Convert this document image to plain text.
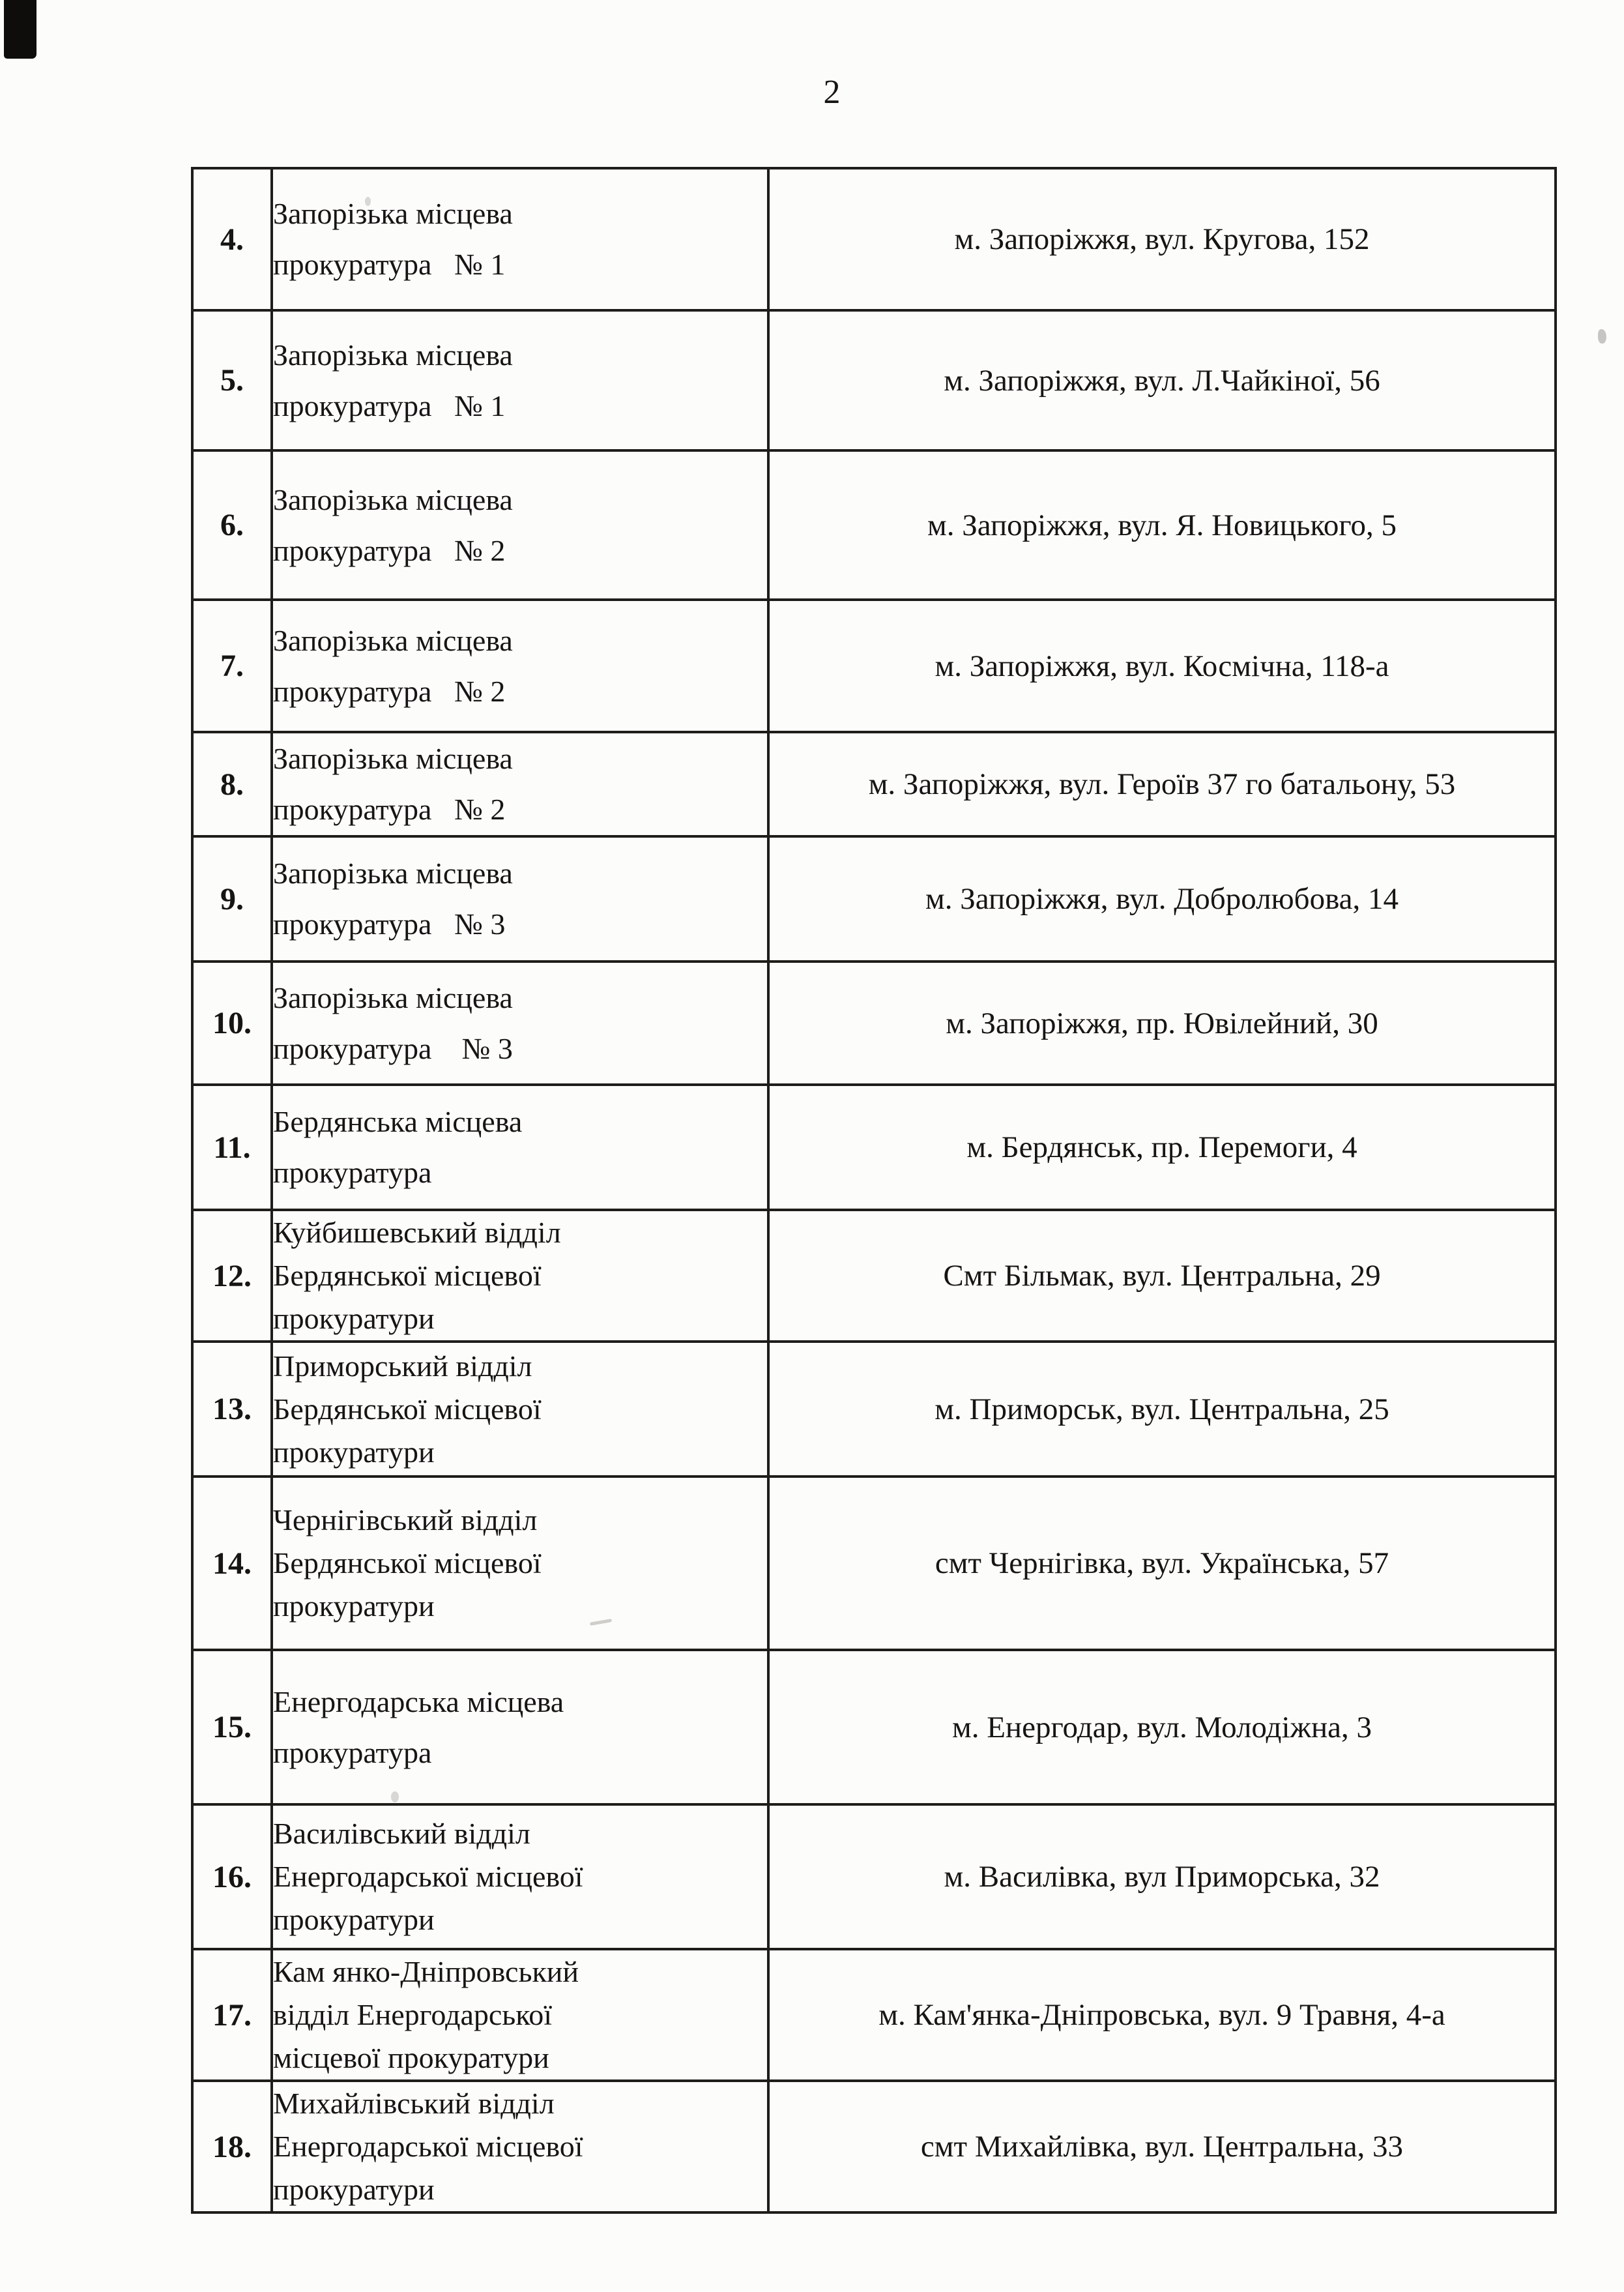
2
4.	Запорізька місцева
прокуратура   № 1	м. Запоріжжя, вул. Кругова, 152
5.	Запорізька місцева
прокуратура   № 1	м. Запоріжжя, вул. Л.Чайкіної, 56
6.	Запорізька місцева
прокуратура   № 2	м. Запоріжжя, вул. Я. Новицького, 5
7.	Запорізька місцева
прокуратура   № 2	м. Запоріжжя, вул. Космічна, 118-а
8.	Запорізька місцева
прокуратура   № 2	м. Запоріжжя, вул. Героїв 37 го батальону, 53
9.	Запорізька місцева
прокуратура   № 3	м. Запоріжжя, вул. Добролюбова, 14
10.	Запорізька місцева
прокуратура    № 3	м. Запоріжжя, пр. Ювілейний, 30
11.	Бердянська місцева
прокуратура	м. Бердянськ, пр. Перемоги, 4
12.	Куйбишевський відділ
Бердянської місцевої
прокуратури	Смт Більмак, вул. Центральна, 29
13.	Приморський відділ
Бердянської місцевої
прокуратури	м. Приморськ, вул. Центральна, 25
14.	Чернігівський відділ
Бердянської місцевої
прокуратури	смт Чернігівка, вул. Українська, 57
15.	Енергодарська місцева
прокуратура	м. Енергодар, вул. Молодіжна, 3
16.	Василівський відділ
Енергодарської місцевої
прокуратури	м. Василівка, вул Приморська, 32
17.	Кам янко-Дніпровський
відділ Енергодарської
місцевої прокуратури	м. Кам'янка-Дніпровська, вул. 9 Травня, 4-а
18.	Михайлівський відділ
Енергодарської місцевої
прокуратури	смт Михайлівка, вул. Центральна, 33
